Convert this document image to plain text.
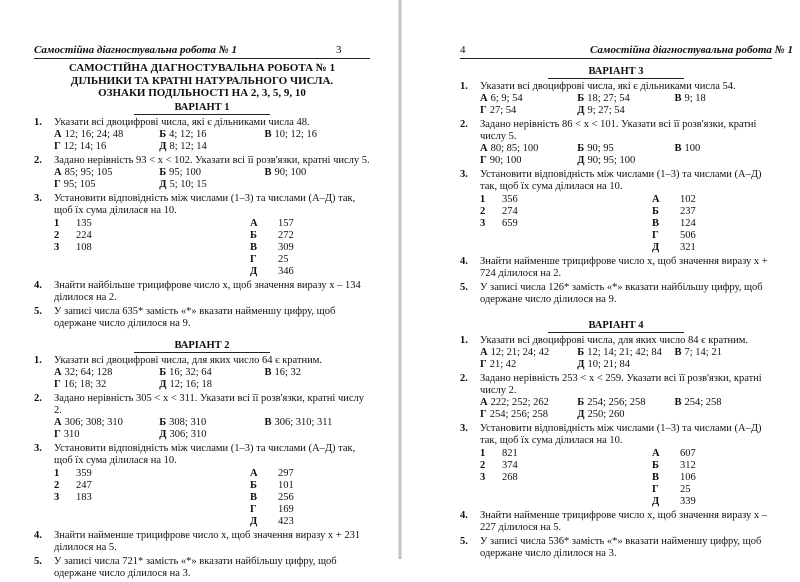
Самостійна діагностувальна робота № 1	3
САМОСТІЙНА ДІАГНОСТУВАЛЬНА РОБОТА № 1
ДІЛЬНИКИ ТА КРАТНІ НАТУРАЛЬНОГО ЧИСЛА.
ОЗНАКИ ПОДІЛЬНОСТІ НА 2, 3, 5, 9, 10
ВАРІАНТ 1
1.	Указати всі двоцифрові числа, які є дільниками числа 48.
А 12; 16; 24; 48	Б 4; 12; 16	В 10; 12; 16
Г 12; 14; 16	Д 8; 12; 14
2.	Задано нерівність 93 < x < 102. Указати всі її розв'язки, кратні числу 5.
А 85; 95; 105	Б 95; 100	В 90; 100
Г 95; 105	Д 5; 10; 15
3.	Установити відповідність між числами (1–3) та числами (А–Д) так, щоб їх сума ділилася на 10.
1	135
2	224
3	108
А	157
Б	272
В	309
Г	25
Д	346
4.	Знайти найбільше трицифрове число x, щоб значення виразу x – 134 ділилося на 2.
5.	У записі числа 635* замість «*» вказати найменшу цифру, щоб одержане число ділилося на 9.
ВАРІАНТ 2
1.	Указати всі двоцифрові числа, для яких число 64 є кратним.
А 32; 64; 128	Б 16; 32; 64	В 16; 32
Г 16; 18; 32	Д 12; 16; 18
2.	Задано нерівність 305 < x < 311. Указати всі її розв'язки, кратні числу 2.
А 306; 308; 310	Б 308; 310	В 306; 310; 311
Г 310	Д 306; 310
3.	Установити відповідність між числами (1–3) та числами (А–Д) так, щоб їх сума ділилася на 10.
1	359
2	247
3	183
А	297
Б	101
В	256
Г	169
Д	423
4.	Знайти найменше трицифрове число x, щоб значення виразу x + 231 ділилося на 5.
5.	У записі числа 721* замість «*» вказати найбільшу цифру, щоб одержане число ділилося на 3.
4	Самостійна діагностувальна робота № 1
ВАРІАНТ 3
1.	Указати всі двоцифрові числа, які є дільниками числа 54.
А 6; 9; 54	Б 18; 27; 54	В 9; 18
Г 27; 54	Д 9; 27; 54
2.	Задано нерівність 86 < x < 101. Указати всі її розв'язки, кратні числу 5.
А 80; 85; 100	Б 90; 95	В 100
Г 90; 100	Д 90; 95; 100
3.	Установити відповідність між числами (1–3) та числами (А–Д) так, щоб їх сума ділилася на 10.
1	356
2	274
3	659
А	102
Б	237
В	124
Г	506
Д	321
4.	Знайти найменше трицифрове число x, щоб значення виразу x + 724 ділилося на 2.
5.	У записі числа 126* замість «*» вказати найбільшу цифру, щоб одержане число ділилося на 9.
ВАРІАНТ 4
1.	Указати всі двоцифрові числа, для яких число 84 є кратним.
А 12; 21; 24; 42	Б 12; 14; 21; 42; 84	В 7; 14; 21
Г 21; 42	Д 10; 21; 84
2.	Задано нерівність 253 < x < 259. Указати всі її розв'язки, кратні числу 2.
А 222; 252; 262	Б 254; 256; 258	В 254; 258
Г 254; 256; 258	Д 250; 260
3.	Установити відповідність між числами (1–3) та числами (А–Д) так, щоб їх сума ділилася на 10.
1	821
2	374
3	268
А	607
Б	312
В	106
Г	25
Д	339
4.	Знайти найменше трицифрове число x, щоб значення виразу x – 227 ділилося на 5.
5.	У записі числа 536* замість «*» вказати найменшу цифру, щоб одержане число ділилося на 3.
